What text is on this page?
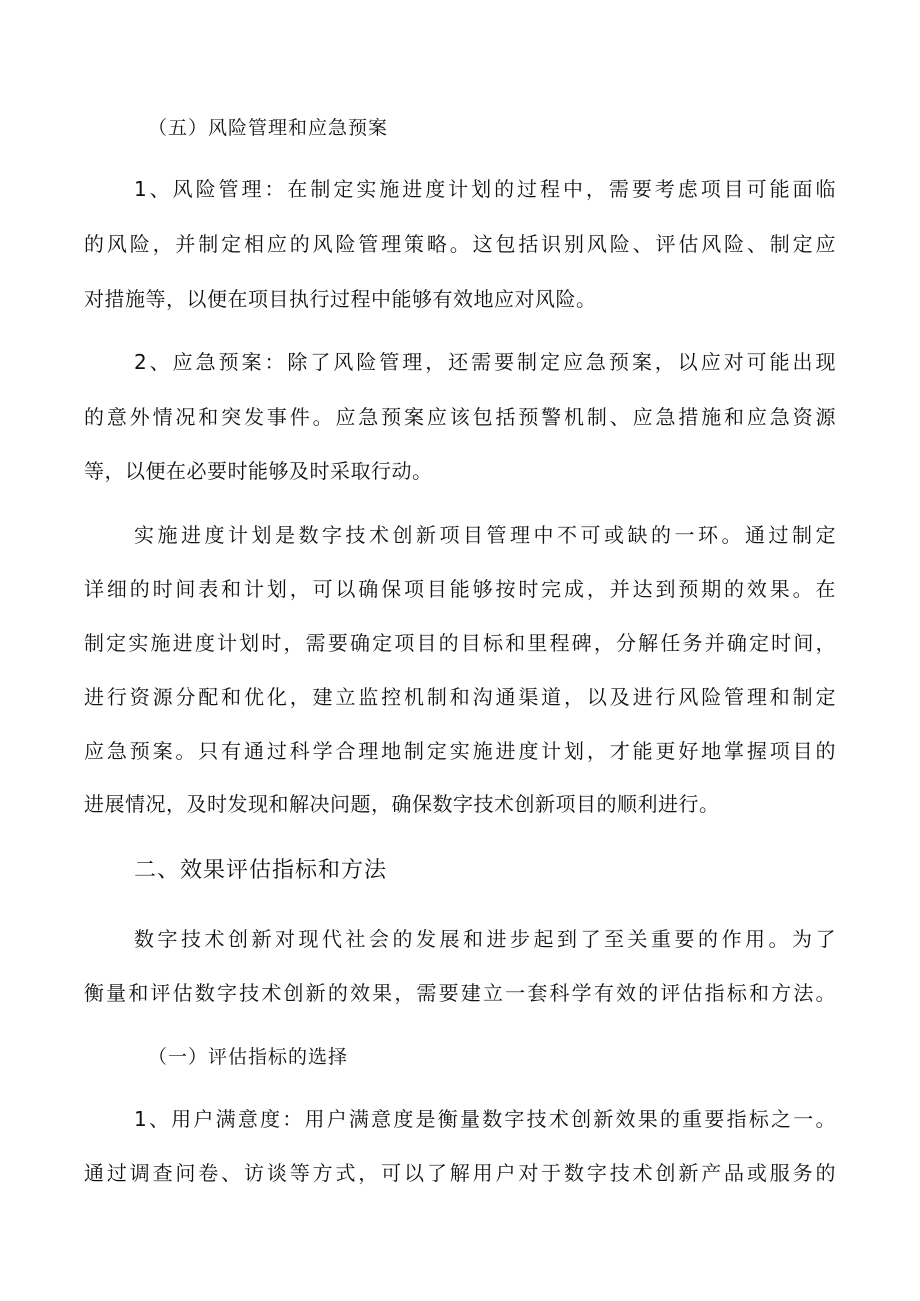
（五）风险管理和应急预案
1、风险管理：在制定实施进度计划的过程中，需要考虑项目可能面临
的风险，并制定相应的风险管理策略。这包括识别风险、评估风险、制定应
对措施等，以便在项目执行过程中能够有效地应对风险。
2、应急预案：除了风险管理，还需要制定应急预案，以应对可能出现
的意外情况和突发事件。应急预案应该包括预警机制、应急措施和应急资源
等，以便在必要时能够及时采取行动。
实施进度计划是数字技术创新项目管理中不可或缺的一环。通过制定
详细的时间表和计划，可以确保项目能够按时完成，并达到预期的效果。在
制定实施进度计划时，需要确定项目的目标和里程碑，分解任务并确定时间，
进行资源分配和优化，建立监控机制和沟通渠道，以及进行风险管理和制定
应急预案。只有通过科学合理地制定实施进度计划，才能更好地掌握项目的
进展情况，及时发现和解决问题，确保数字技术创新项目的顺利进行。
二、效果评估指标和方法
数字技术创新对现代社会的发展和进步起到了至关重要的作用。为了
衡量和评估数字技术创新的效果，需要建立一套科学有效的评估指标和方法。
（一）评估指标的选择
1、用户满意度：用户满意度是衡量数字技术创新效果的重要指标之一。
通过调查问卷、访谈等方式，可以了解用户对于数字技术创新产品或服务的
